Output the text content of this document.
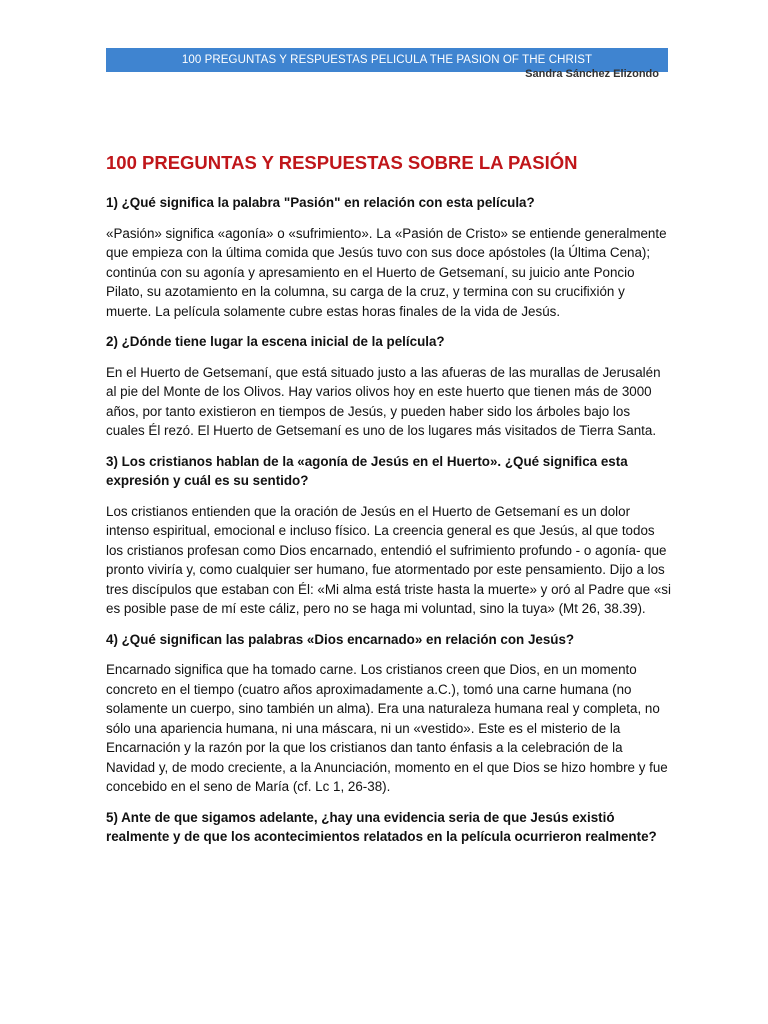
100 PREGUNTAS Y RESPUESTAS PELICULA THE PASION OF THE CHRIST
Sandra Sánchez Elizondo
100 PREGUNTAS Y RESPUESTAS SOBRE LA PASIÓN

1) ¿Qué significa la palabra "Pasión" en relación con esta película?

«Pasión» significa «agonía» o «sufrimiento». La «Pasión de Cristo» se entiende generalmente que empieza con la última comida que Jesús tuvo con sus doce apóstoles (la Última Cena); continúa con su agonía y apresamiento en el Huerto de Getsemaní, su juicio ante Poncio Pilato, su azotamiento en la columna, su carga de la cruz, y termina con su crucifixión y muerte. La película solamente cubre estas horas finales de la vida de Jesús.

2) ¿Dónde tiene lugar la escena inicial de la película?

En el Huerto de Getsemaní, que está situado justo a las afueras de las murallas de Jerusalén al pie del Monte de los Olivos. Hay varios olivos hoy en este huerto que tienen más de 3000 años, por tanto existieron en tiempos de Jesús, y pueden haber sido los árboles bajo los cuales Él rezó. El Huerto de Getsemaní es uno de los lugares más visitados de Tierra Santa.

3) Los cristianos hablan de la «agonía de Jesús en el Huerto». ¿Qué significa esta expresión y cuál es su sentido?

Los cristianos entienden que la oración de Jesús en el Huerto de Getsemaní es un dolor intenso espiritual, emocional e incluso físico. La creencia general es que Jesús, al que todos los cristianos profesan como Dios encarnado, entendió el sufrimiento profundo - o agonía- que pronto viviría y, como cualquier ser humano, fue atormentado por este pensamiento. Dijo a los tres discípulos que estaban con Él: «Mi alma está triste hasta la muerte» y oró al Padre que «si es posible pase de mí este cáliz, pero no se haga mi voluntad, sino la tuya» (Mt 26, 38.39).

4) ¿Qué significan las palabras «Dios encarnado» en relación con Jesús?

Encarnado significa que ha tomado carne. Los cristianos creen que Dios, en un momento concreto en el tiempo (cuatro años aproximadamente a.C.), tomó una carne humana (no solamente un cuerpo, sino también un alma). Era una naturaleza humana real y completa, no sólo una apariencia humana, ni una máscara, ni un «vestido». Este es el misterio de la Encarnación y la razón por la que los cristianos dan tanto énfasis a la celebración de la Navidad y, de modo creciente, a la Anunciación, momento en el que Dios se hizo hombre y fue concebido en el seno de María (cf. Lc 1, 26-38).

5) Ante de que sigamos adelante, ¿hay una evidencia seria de que Jesús existió realmente y de que los acontecimientos relatados en la película ocurrieron realmente?
